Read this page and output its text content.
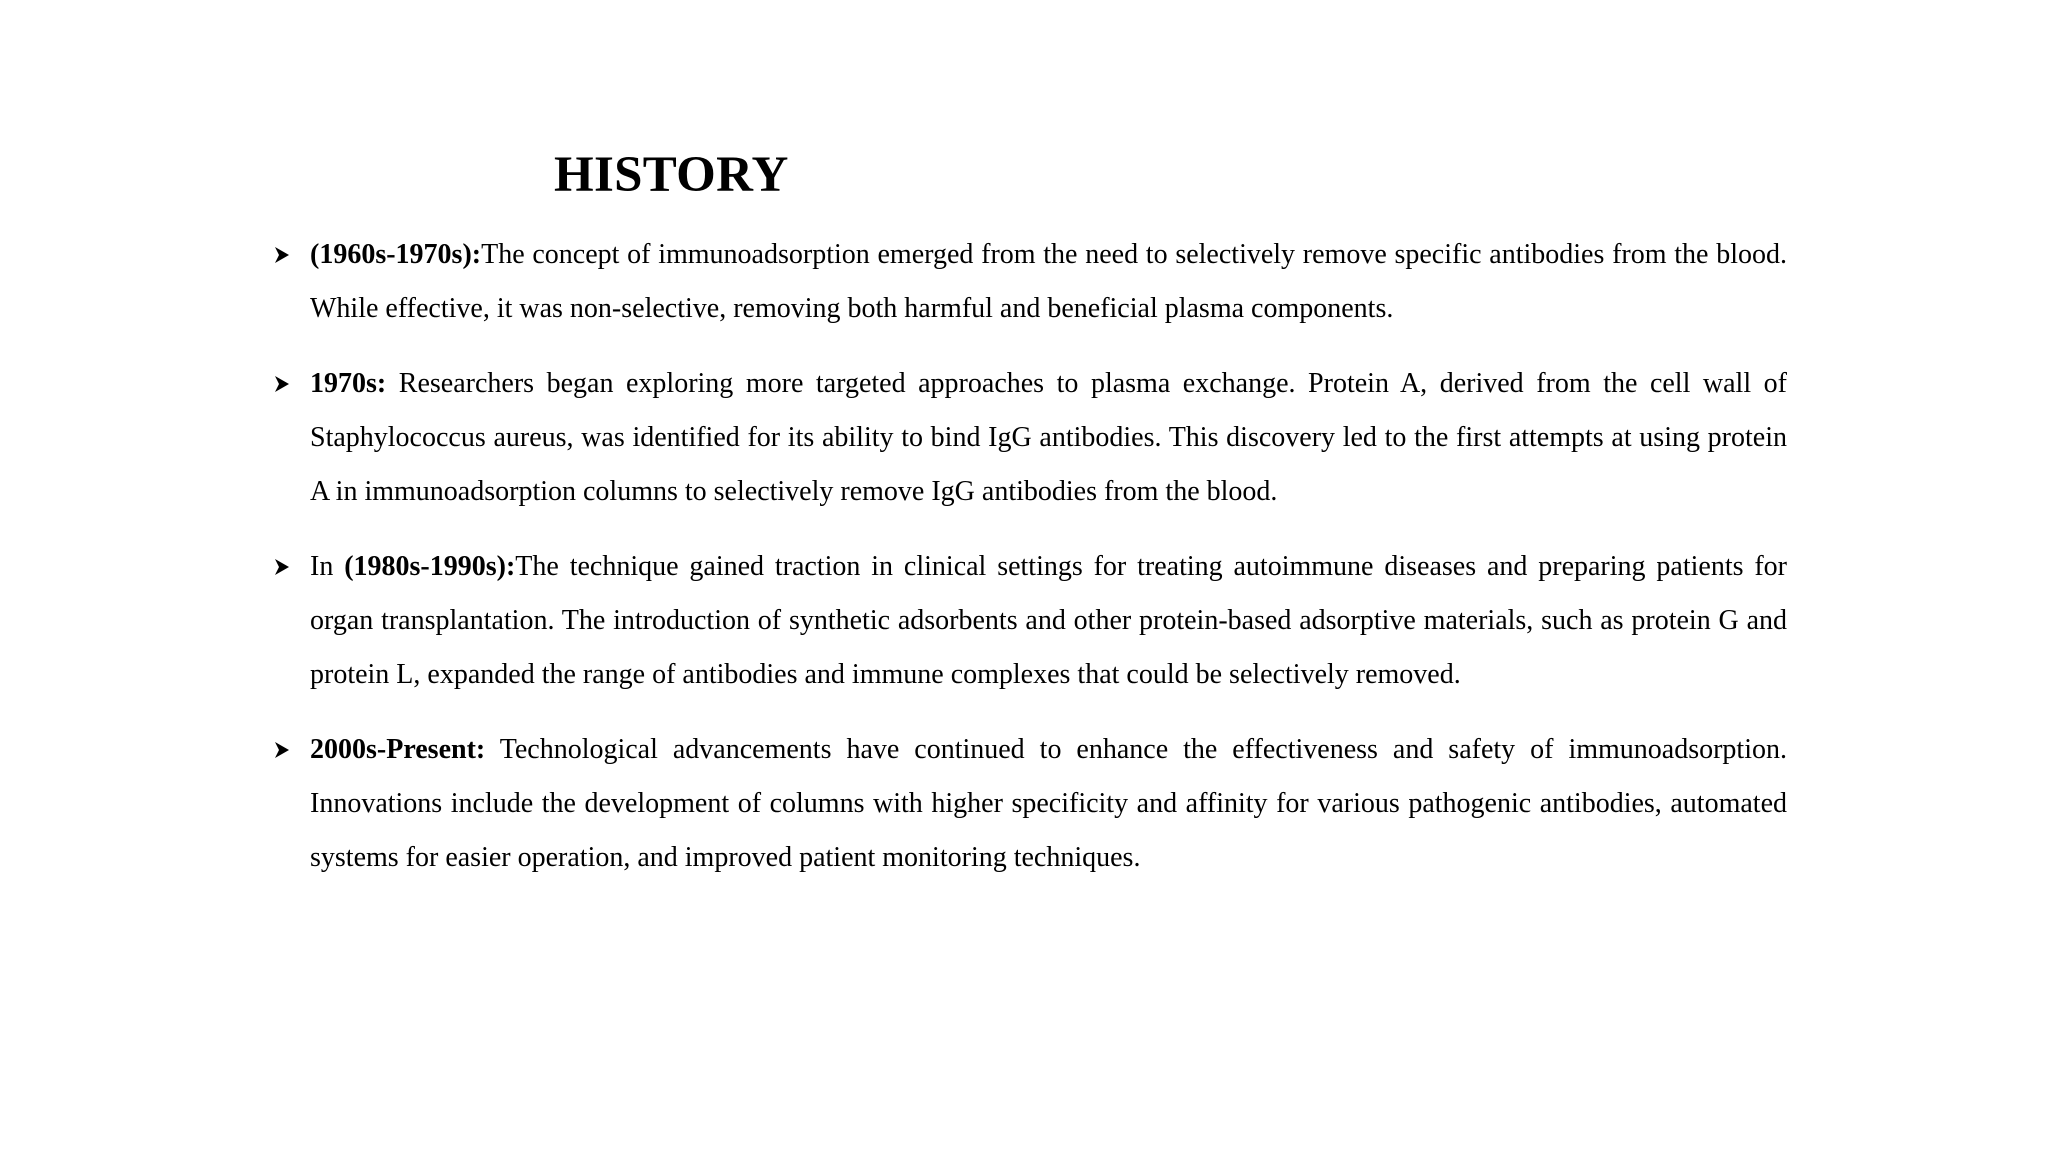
HISTORY
(1960s-1970s):The concept of immunoadsorption emerged from the need to selectively remove specific antibodies from the blood. While effective, it was non-selective, removing both harmful and beneficial plasma components.
1970s: Researchers began exploring more targeted approaches to plasma exchange. Protein A, derived from the cell wall of Staphylococcus aureus, was identified for its ability to bind IgG antibodies. This discovery led to the first attempts at using protein A in immunoadsorption columns to selectively remove IgG antibodies from the blood.
In (1980s-1990s):The technique gained traction in clinical settings for treating autoimmune diseases and preparing patients for organ transplantation. The introduction of synthetic adsorbents and other protein-based adsorptive materials, such as protein G and protein L, expanded the range of antibodies and immune complexes that could be selectively removed.
2000s-Present: Technological advancements have continued to enhance the effectiveness and safety of immunoadsorption. Innovations include the development of columns with higher specificity and affinity for various pathogenic antibodies, automated systems for easier operation, and improved patient monitoring techniques.
